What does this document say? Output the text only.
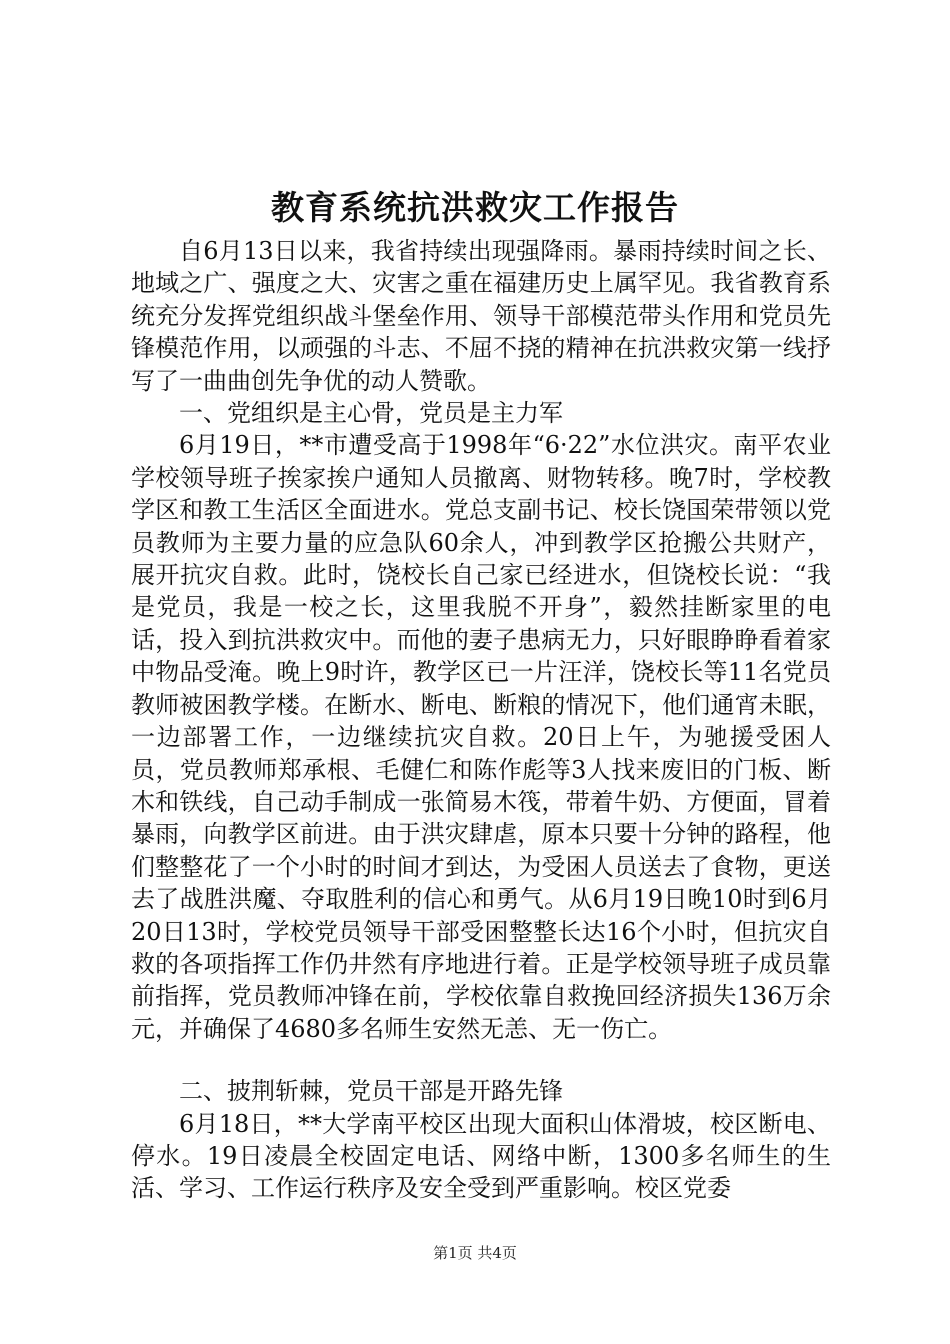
教育系统抗洪救灾工作报告

自6月13日以来，我省持续出现强降雨。暴雨持续时间之长、地域之广、强度之大、灾害之重在福建历史上属罕见。我省教育系统充分发挥党组织战斗堡垒作用、领导干部模范带头作用和党员先锋模范作用，以顽强的斗志、不屈不挠的精神在抗洪救灾第一线抒写了一曲曲创先争优的动人赞歌。

一、党组织是主心骨，党员是主力军

6月19日，**市遭受高于1998年“6·22”水位洪灾。南平农业学校领导班子挨家挨户通知人员撤离、财物转移。晚7时，学校教学区和教工生活区全面进水。党总支副书记、校长饶国荣带领以党员教师为主要力量的应急队60余人，冲到教学区抢搬公共财产，展开抗灾自救。此时，饶校长自己家已经进水，但饶校长说：“我是党员，我是一校之长，这里我脱不开身”，毅然挂断家里的电话，投入到抗洪救灾中。而他的妻子患病无力，只好眼睁睁看着家中物品受淹。晚上9时许，教学区已一片汪洋，饶校长等11名党员教师被困教学楼。在断水、断电、断粮的情况下，他们通宵未眠，一边部署工作，一边继续抗灾自救。20日上午，为驰援受困人员，党员教师郑承根、毛健仁和陈作彪等3人找来废旧的门板、断木和铁线，自己动手制成一张简易木筏，带着牛奶、方便面，冒着暴雨，向教学区前进。由于洪灾肆虐，原本只要十分钟的路程，他们整整花了一个小时的时间才到达，为受困人员送去了食物，更送去了战胜洪魔、夺取胜利的信心和勇气。从6月19日晚10时到6月20日13时，学校党员领导干部受困整整长达16个小时，但抗灾自救的各项指挥工作仍井然有序地进行着。正是学校领导班子成员靠前指挥，党员教师冲锋在前，学校依靠自救挽回经济损失136万余元，并确保了4680多名师生安然无恙、无一伤亡。

二、披荆斩棘，党员干部是开路先锋

6月18日，**大学南平校区出现大面积山体滑坡，校区断电、停水。19日凌晨全校固定电话、网络中断，1300多名师生的生活、学习、工作运行秩序及安全受到严重影响。校区党委

第1页 共4页
